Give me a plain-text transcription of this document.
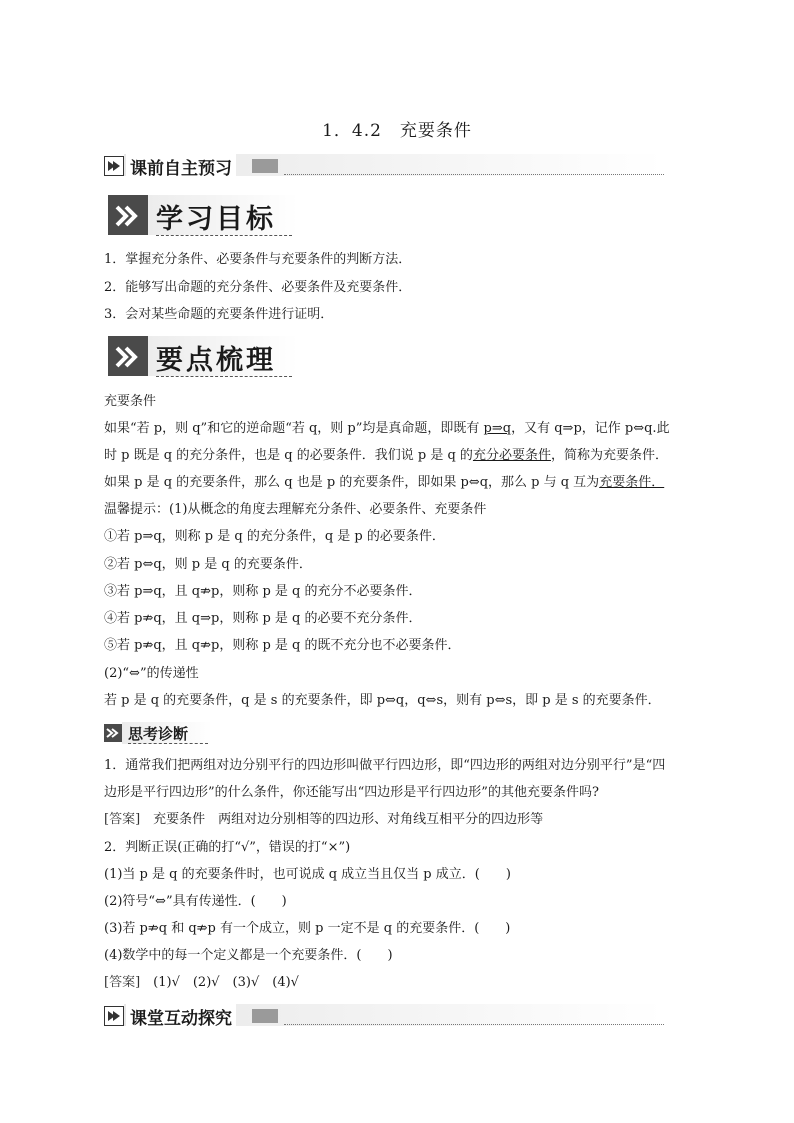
1．4.2　充要条件
课前自主预习
学习目标
1．掌握充分条件、必要条件与充要条件的判断方法．
2．能够写出命题的充分条件、必要条件及充要条件．
3．会对某些命题的充要条件进行证明．
要点梳理
充要条件
如果“若 p，则 q”和它的逆命题“若 q，则 p”均是真命题，即既有 p⇒q，又有 q⇒p，记作 p⇔q.此
时 p 既是 q 的充分条件，也是 q 的必要条件．我们说 p 是 q 的充分必要条件，简称为充要条件．
如果 p 是 q 的充要条件，那么 q 也是 p 的充要条件，即如果 p⇔q，那么 p 与 q 互为充要条件．
温馨提示：(1)从概念的角度去理解充分条件、必要条件、充要条件
①若 p⇒q，则称 p 是 q 的充分条件，q 是 p 的必要条件．
②若 p⇔q，则 p 是 q 的充要条件．
③若 p⇒q，且 q⇏p，则称 p 是 q 的充分不必要条件．
④若 p⇏q，且 q⇒p，则称 p 是 q 的必要不充分条件．
⑤若 p⇏q，且 q⇏p，则称 p 是 q 的既不充分也不必要条件．
(2)“⇔”的传递性
若 p 是 q 的充要条件，q 是 s 的充要条件，即 p⇔q，q⇔s，则有 p⇔s，即 p 是 s 的充要条件．
思考诊断
1．通常我们把两组对边分别平行的四边形叫做平行四边形，即“四边形的两组对边分别平行”是“四
边形是平行四边形”的什么条件，你还能写出“四边形是平行四边形”的其他充要条件吗?
[答案]　充要条件　两组对边分别相等的四边形、对角线互相平分的四边形等
2．判断正误(正确的打“√”，错误的打“×”)
(1)当 p 是 q 的充要条件时，也可说成 q 成立当且仅当 p 成立．(　　)
(2)符号“⇔”具有传递性．(　　)
(3)若 p⇏q 和 q⇏p 有一个成立，则 p 一定不是 q 的充要条件．(　　)
(4)数学中的每一个定义都是一个充要条件．(　　)
[答案]　(1)√　(2)√　(3)√　(4)√
课堂互动探究
